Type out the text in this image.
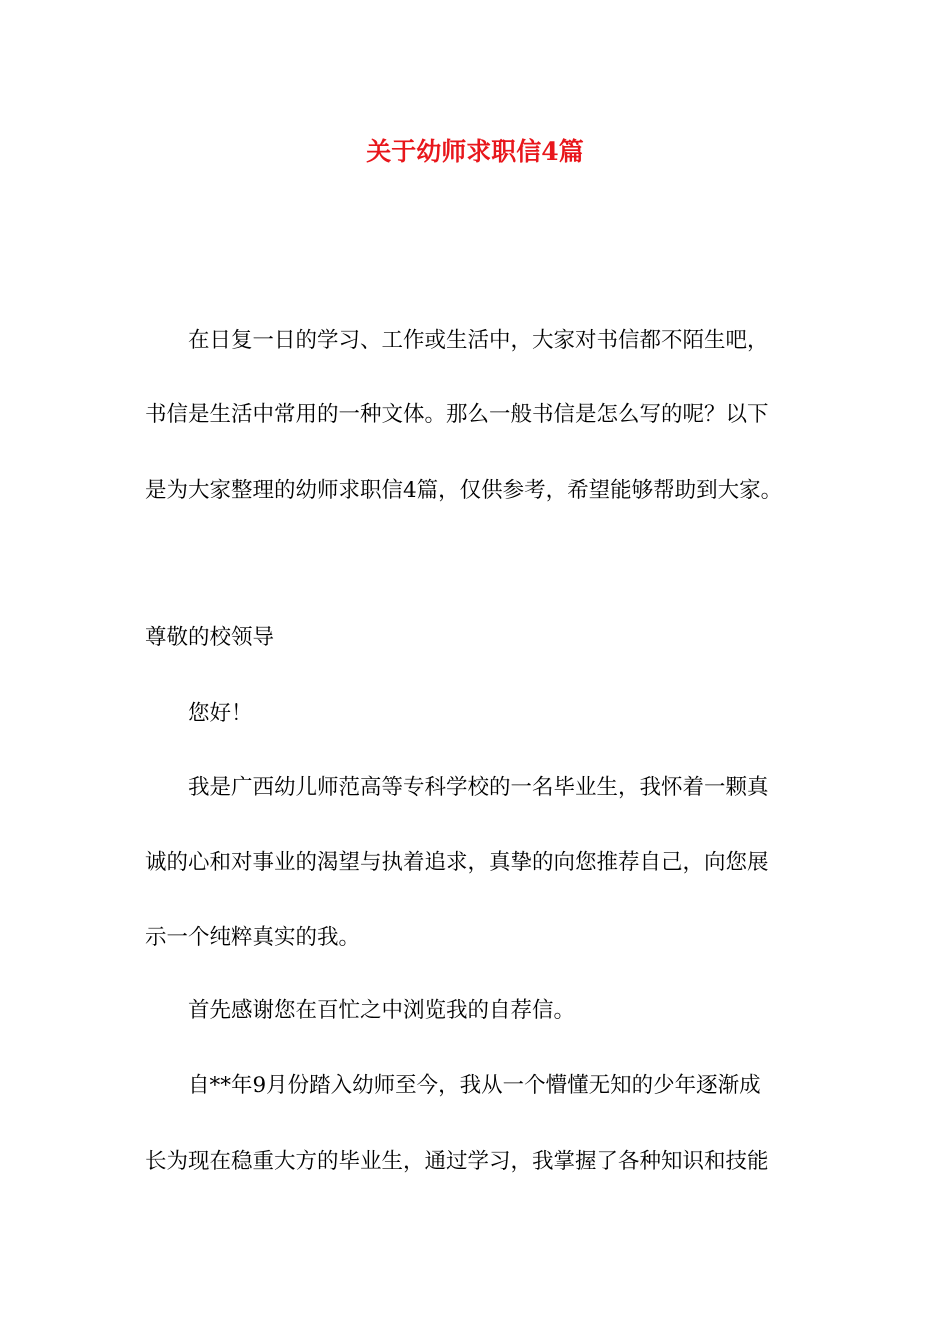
关于幼师求职信4篇

在日复一日的学习、工作或生活中，大家对书信都不陌生吧，

书信是生活中常用的一种文体。那么一般书信是怎么写的呢？以下

是为大家整理的幼师求职信4篇，仅供参考，希望能够帮助到大家。

尊敬的校领导

您好！

我是广西幼儿师范高等专科学校的一名毕业生，我怀着一颗真

诚的心和对事业的渴望与执着追求，真挚的向您推荐自己，向您展

示一个纯粹真实的我。

首先感谢您在百忙之中浏览我的自荐信。

自**年9月份踏入幼师至今，我从一个懵懂无知的少年逐渐成

长为现在稳重大方的毕业生，通过学习，我掌握了各种知识和技能
